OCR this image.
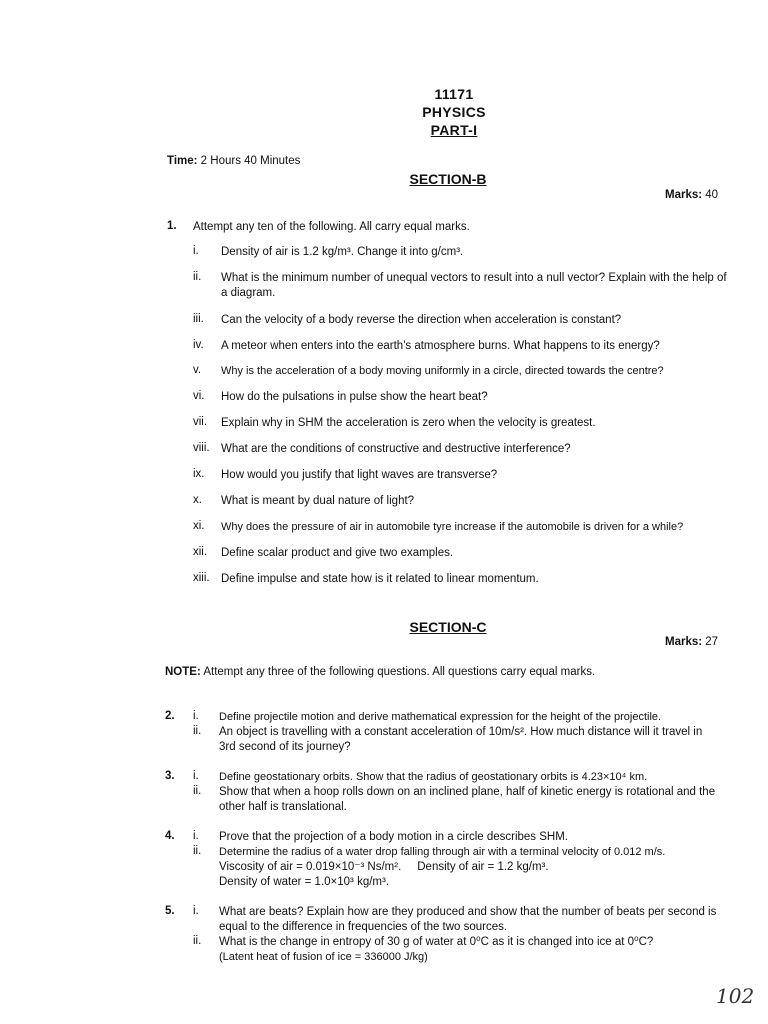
11171
PHYSICS
PART-I
Time: 2 Hours 40 Minutes
SECTION-B
Marks: 40
1. Attempt any ten of the following. All carry equal marks.
i.	Density of air is 1.2 kg/m³. Change it into g/cm³.
ii.	What is the minimum number of unequal vectors to result into a null vector? Explain with the help of a diagram.
iii.	Can the velocity of a body reverse the direction when acceleration is constant?
iv.	A meteor when enters into the earth's atmosphere burns. What happens to its energy?
v.	Why is the acceleration of a body moving uniformly in a circle, directed towards the centre?
vi.	How do the pulsations in pulse show the heart beat?
vii.	Explain why in SHM the acceleration is zero when the velocity is greatest.
viii. What are the conditions of constructive and destructive interference?
ix.	How would you justify that light waves are transverse?
x.	What is meant by dual nature of light?
xi.	Why does the pressure of air in automobile tyre increase if the automobile is driven for a while?
xii.	Define scalar product and give two examples.
xiii. Define impulse and state how is it related to linear momentum.
SECTION-C
Marks: 27
NOTE: Attempt any three of the following questions. All questions carry equal marks.
2. i.	Define projectile motion and derive mathematical expression for the height of the projectile.
ii.	An object is travelling with a constant acceleration of 10m/s². How much distance will it travel in 3rd second of its journey?
3. i.	Define geostationary orbits. Show that the radius of geostationary orbits is 4.23×10⁴ km.
ii.	Show that when a hoop rolls down on an inclined plane, half of kinetic energy is rotational and the other half is translational.
4. i.	Prove that the projection of a body motion in a circle describes SHM.
ii.	Determine the radius of a water drop falling through air with a terminal velocity of 0.012 m/s.
Viscosity of air = 0.019×10⁻³ Ns/m².     Density of air = 1.2 kg/m³.
Density of water = 1.0×10³ kg/m³.
5. i.	What are beats? Explain how are they produced and show that the number of beats per second is equal to the difference in frequencies of the two sources.
ii.	What is the change in entropy of 30 g of water at 0⁰C as it is changed into ice at 0⁰C?
(Latent heat of fusion of ice = 336000 J/kg)
102
